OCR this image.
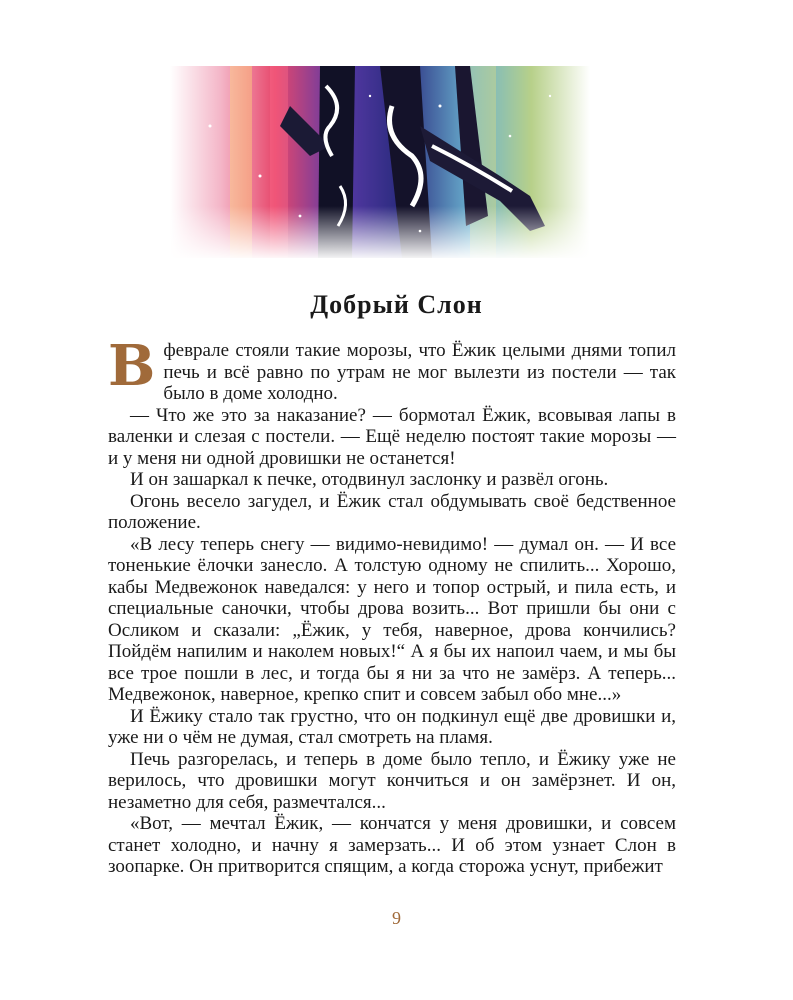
Добрый Слон

Вфеврале стояли такие морозы, что Ёжик целыми днями топил печь и всё равно по утрам не мог вылезти из постели — так было в доме холодно.

— Что же это за наказание? — бормотал Ёжик, всовывая лапы в валенки и слезая с постели. — Ещё неделю постоят такие морозы — и у меня ни одной дровишки не останется!

И он зашаркал к печке, отодвинул заслонку и развёл огонь.

Огонь весело загудел, и Ёжик стал обдумывать своё бедственное положение.

«В лесу теперь снегу — видимо-невидимо! — думал он. — И все тоненькие ёлочки занесло. А толстую одному не спилить... Хорошо, кабы Медвежонок наведался: у него и топор острый, и пила есть, и специальные саночки, чтобы дрова возить... Вот пришли бы они с Осликом и сказали: „Ёжик, у тебя, наверное, дрова кончились? Пойдём напилим и наколем новых!“ А я бы их напоил чаем, и мы бы все трое пошли в лес, и тогда бы я ни за что не замёрз. А теперь... Медвежонок, наверное, крепко спит и совсем забыл обо мне...»

И Ёжику стало так грустно, что он подкинул ещё две дровишки и, уже ни о чём не думая, стал смотреть на пламя.

Печь разгорелась, и теперь в доме было тепло, и Ёжику уже не верилось, что дровишки могут кончиться и он замёрзнет. И он, незаметно для себя, размечтался...

«Вот, — мечтал Ёжик, — кончатся у меня дровишки, и совсем станет холодно, и начну я замерзать... И об этом узнает Слон в зоопарке. Он притворится спящим, а когда сторожа уснут, прибежит

9
